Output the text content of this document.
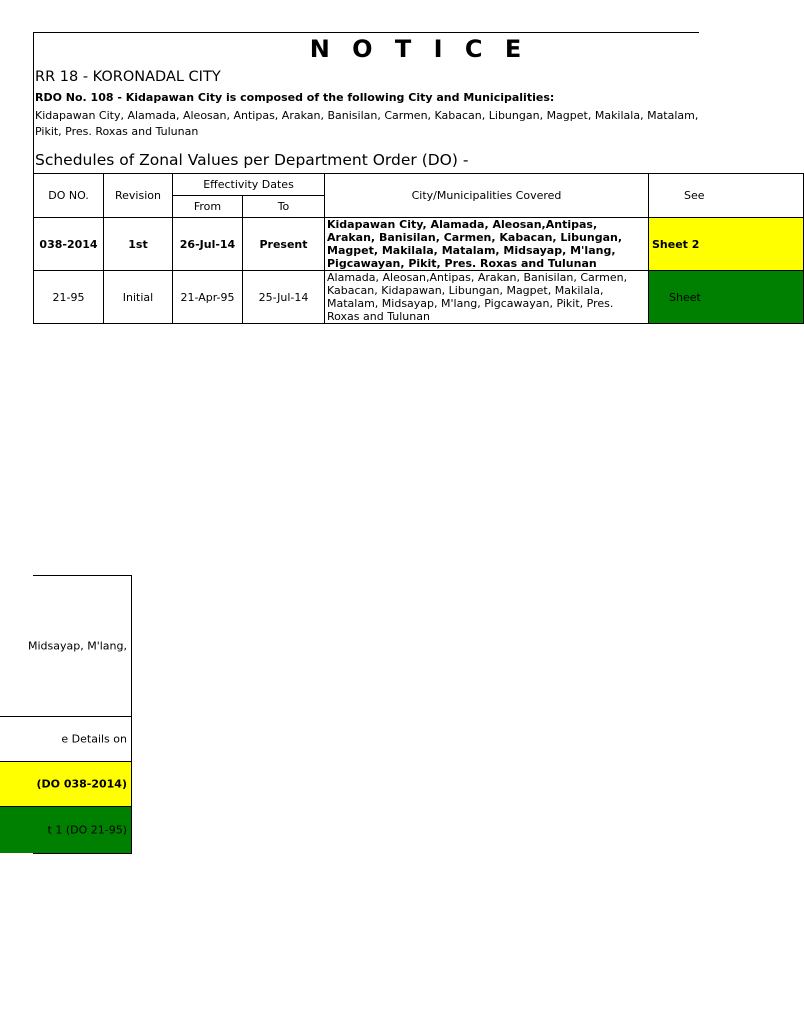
N O T I C E
RR 18 - KORONADAL CITY
RDO No. 108 - Kidapawan City is composed of the following City and Municipalities:
Kidapawan City, Alamada, Aleosan, Antipas, Arakan, Banisilan, Carmen, Kabacan, Libungan, Magpet, Makilala, Matalam,
Pikit, Pres. Roxas and Tulunan
Schedules of Zonal Values per Department Order (DO) -
DO NO.	Revision	Effectivity Dates		City/Municipalities Covered	See
		From	To		
038-2014	1st	26-Jul-14	Present	Kidapawan City, Alamada, Aleosan,Antipas, Arakan, Banisilan, Carmen, Kabacan, Libungan, Magpet, Makilala, Matalam, Midsayap, M'lang, Pigcawayan, Pikit, Pres. Roxas and Tulunan	Sheet 2
21-95	Initial	21-Apr-95	25-Jul-14	Alamada, Aleosan,Antipas, Arakan, Banisilan, Carmen, Kabacan, Kidapawan, Libungan, Magpet, Makilala, Matalam, Midsayap, M'lang, Pigcawayan, Pikit, Pres. Roxas and Tulunan	Sheet
Midsayap, M'lang,
e Details on
(DO 038-2014)
t 1 (DO 21-95)
